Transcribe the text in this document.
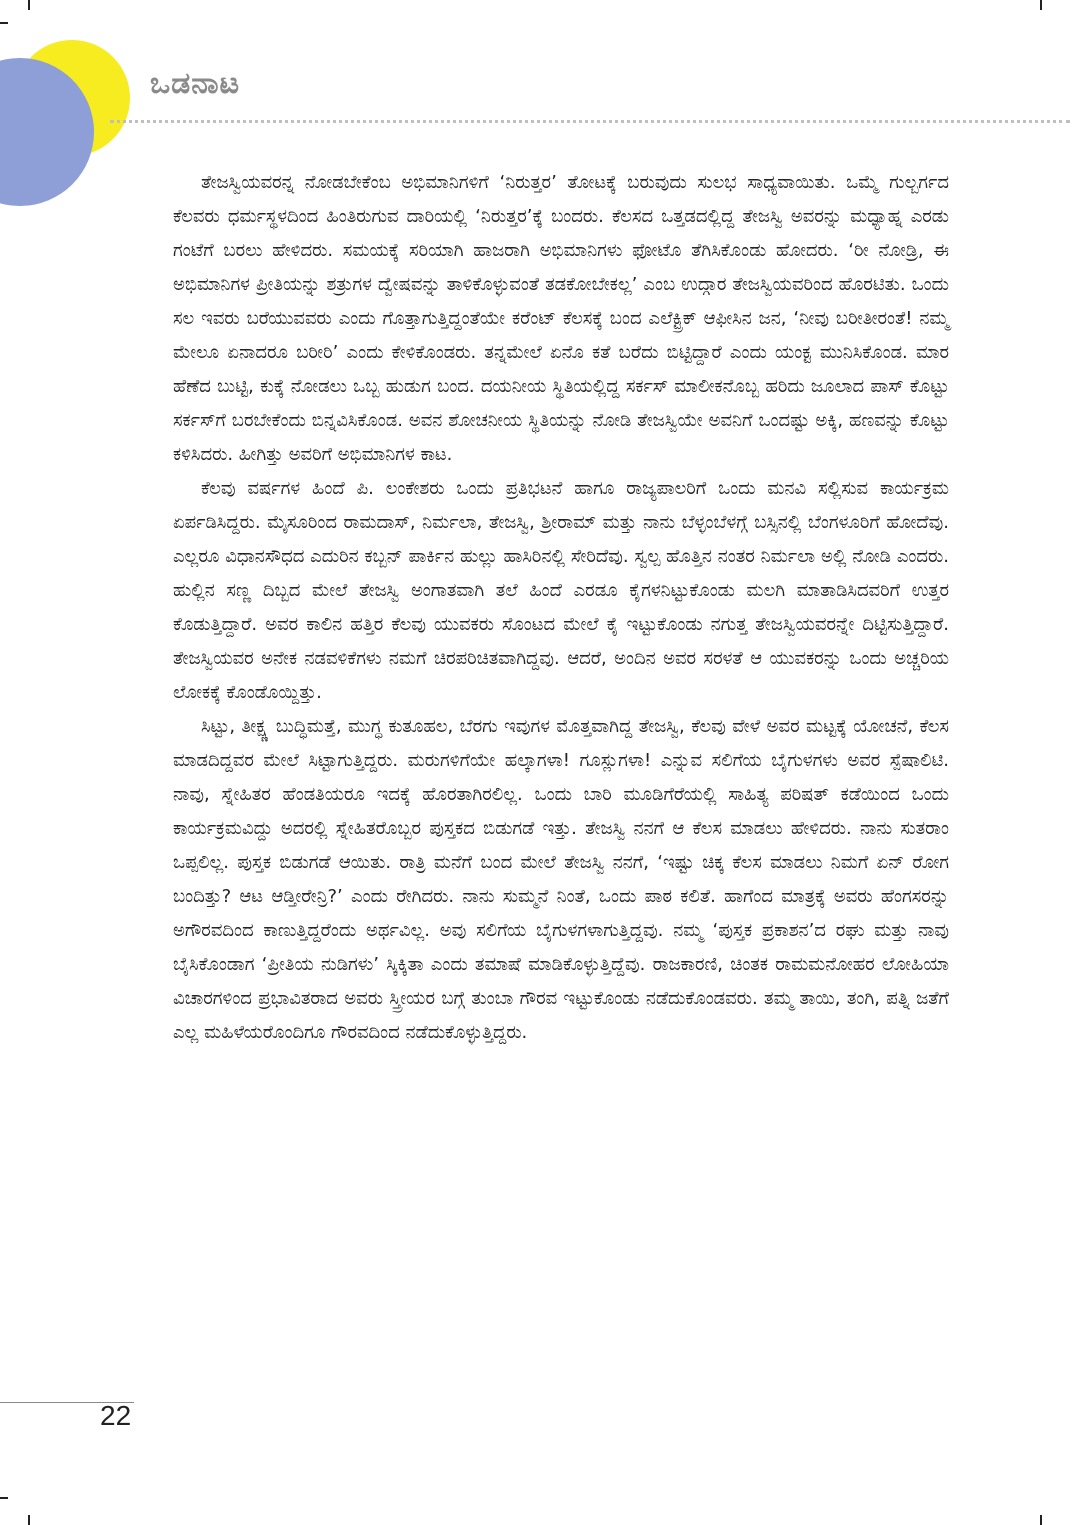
ಒಡನಾಟ

ತೇಜಸ್ವಿಯವರನ್ನ ನೋಡಬೇಕೆಂಬ ಅಭಿಮಾನಿಗಳಿಗೆ ‘ನಿರುತ್ತರ’ ತೋಟಕ್ಕೆ ಬರುವುದು ಸುಲಭ ಸಾಧ್ಯವಾಯಿತು. ಒಮ್ಮೆ ಗುಲ್ಬರ್ಗದ ಕೆಲವರು ಧರ್ಮಸ್ಥಳದಿಂದ ಹಿಂತಿರುಗುವ ದಾರಿಯಲ್ಲಿ ‘ನಿರುತ್ತರ’ಕ್ಕೆ ಬಂದರು. ಕೆಲಸದ ಒತ್ತಡದಲ್ಲಿದ್ದ ತೇಜಸ್ವಿ ಅವರನ್ನು ಮಧ್ಯಾಹ್ನ ಎರಡು ಗಂಟೆಗೆ ಬರಲು ಹೇಳಿದರು. ಸಮಯಕ್ಕೆ ಸರಿಯಾಗಿ ಹಾಜರಾಗಿ ಅಭಿಮಾನಿಗಳು ಫೋಟೊ ತೆಗಿಸಿಕೊಂಡು ಹೋದರು. ‘ರೀ ನೋಡ್ರಿ, ಈ ಅಭಿಮಾನಿಗಳ ಪ್ರೀತಿಯನ್ನು ಶತ್ರುಗಳ ದ್ವೇಷವನ್ನು ತಾಳಿಕೊಳ್ಳುವಂತೆ ತಡಕೋಬೇಕಲ್ಲ’ ಎಂಬ ಉದ್ಗಾರ ತೇಜಸ್ವಿಯವರಿಂದ ಹೊರಟಿತು. ಒಂದು ಸಲ ಇವರು ಬರೆಯುವವರು ಎಂದು ಗೊತ್ತಾಗುತ್ತಿದ್ದಂತೆಯೇ ಕರೆಂಟ್ ಕೆಲಸಕ್ಕೆ ಬಂದ ಎಲೆಕ್ಟ್ರಿಕ್ ಆಫೀಸಿನ ಜನ, ‘ನೀವು ಬರೀತೀರಂತೆ! ನಮ್ಮ ಮೇಲೂ ಏನಾದರೂ ಬರೀರಿ’ ಎಂದು ಕೇಳಿಕೊಂಡರು. ತನ್ನಮೇಲೆ ಏನೊ ಕತೆ ಬರೆದು ಬಿಟ್ಟಿದ್ದಾರೆ ಎಂದು ಯಂಕ್ಟ ಮುನಿಸಿಕೊಂಡ. ಮಾರ ಹೆಣೆದ ಬುಟ್ಟಿ, ಕುಕ್ಕೆ ನೋಡಲು ಒಬ್ಬ ಹುಡುಗ ಬಂದ. ದಯನೀಯ ಸ್ಥಿತಿಯಲ್ಲಿದ್ದ ಸರ್ಕಸ್ ಮಾಲೀಕನೊಬ್ಬ ಹರಿದು ಜೂಲಾದ ಪಾಸ್ ಕೊಟ್ಟು ಸರ್ಕಸ್‌ಗೆ ಬರಬೇಕೆಂದು ಬಿನ್ನವಿಸಿಕೊಂಡ. ಅವನ ಶೋಚನೀಯ ಸ್ಥಿತಿಯನ್ನು ನೋಡಿ ತೇಜಸ್ವಿಯೇ ಅವನಿಗೆ ಒಂದಷ್ಟು ಅಕ್ಕಿ, ಹಣವನ್ನು ಕೊಟ್ಟು ಕಳಿಸಿದರು. ಹೀಗಿತ್ತು ಅವರಿಗೆ ಅಭಿಮಾನಿಗಳ ಕಾಟ.

ಕೆಲವು ವರ್ಷಗಳ ಹಿಂದೆ ಪಿ. ಲಂಕೇಶರು ಒಂದು ಪ್ರತಿಭಟನೆ ಹಾಗೂ ರಾಜ್ಯಪಾಲರಿಗೆ ಒಂದು ಮನವಿ ಸಲ್ಲಿಸುವ ಕಾರ್ಯಕ್ರಮ ಏರ್ಪಡಿಸಿದ್ದರು. ಮೈಸೂರಿಂದ ರಾಮದಾಸ್, ನಿರ್ಮಲಾ, ತೇಜಸ್ವಿ, ಶ್ರೀರಾಮ್ ಮತ್ತು ನಾನು ಬೆಳ್ಳಂಬೆಳಗ್ಗೆ ಬಸ್ಸಿನಲ್ಲಿ ಬೆಂಗಳೂರಿಗೆ ಹೋದೆವು. ಎಲ್ಲರೂ ವಿಧಾನಸೌಧದ ಎದುರಿನ ಕಬ್ಬನ್ ಪಾರ್ಕಿನ ಹುಲ್ಲು ಹಾಸಿರಿನಲ್ಲಿ ಸೇರಿದೆವು. ಸ್ವಲ್ಪ ಹೊತ್ತಿನ ನಂತರ ನಿರ್ಮಲಾ ಅಲ್ಲಿ ನೋಡಿ ಎಂದರು. ಹುಲ್ಲಿನ ಸಣ್ಣ ದಿಬ್ಬದ ಮೇಲೆ ತೇಜಸ್ವಿ ಅಂಗಾತವಾಗಿ ತಲೆ ಹಿಂದೆ ಎರಡೂ ಕೈಗಳನಿಟ್ಟುಕೊಂಡು ಮಲಗಿ ಮಾತಾಡಿಸಿದವರಿಗೆ ಉತ್ತರ ಕೊಡುತ್ತಿದ್ದಾರೆ. ಅವರ ಕಾಲಿನ ಹತ್ತಿರ ಕೆಲವು ಯುವಕರು ಸೊಂಟದ ಮೇಲೆ ಕೈ ಇಟ್ಟುಕೊಂಡು ನಗುತ್ತ ತೇಜಸ್ವಿಯವರನ್ನೇ ದಿಟ್ಟಿಸುತ್ತಿದ್ದಾರೆ. ತೇಜಸ್ವಿಯವರ ಅನೇಕ ನಡವಳಿಕೆಗಳು ನಮಗೆ ಚಿರಪರಿಚಿತವಾಗಿದ್ದವು. ಆದರೆ, ಅಂದಿನ ಅವರ ಸರಳತೆ ಆ ಯುವಕರನ್ನು ಒಂದು ಅಚ್ಚರಿಯ ಲೋಕಕ್ಕೆ ಕೊಂಡೊಯ್ದಿತ್ತು.

ಸಿಟ್ಟು, ತೀಕ್ಷ್ಣ ಬುದ್ಧಿಮತ್ತೆ, ಮುಗ್ಧ ಕುತೂಹಲ, ಬೆರಗು ಇವುಗಳ ಮೊತ್ತವಾಗಿದ್ದ ತೇಜಸ್ವಿ, ಕೆಲವು ವೇಳೆ ಅವರ ಮಟ್ಟಕ್ಕೆ ಯೋಚನೆ, ಕೆಲಸ ಮಾಡದಿದ್ದವರ ಮೇಲೆ ಸಿಟ್ಟಾಗುತ್ತಿದ್ದರು. ಮರುಗಳಿಗೆಯೇ ಹಲ್ಕಾಗಳಾ! ಗೂಸ್ಲುಗಳಾ! ಎನ್ನುವ ಸಲಿಗೆಯ ಬೈಗುಳಗಳು ಅವರ ಸ್ಪೆಷಾಲಿಟಿ. ನಾವು, ಸ್ನೇಹಿತರ ಹೆಂಡತಿಯರೂ ಇದಕ್ಕೆ ಹೊರತಾಗಿರಲಿಲ್ಲ. ಒಂದು ಬಾರಿ ಮೂಡಿಗೆರೆಯಲ್ಲಿ ಸಾಹಿತ್ಯ ಪರಿಷತ್ ಕಡೆಯಿಂದ ಒಂದು ಕಾರ್ಯಕ್ರಮವಿದ್ದು ಅದರಲ್ಲಿ ಸ್ನೇಹಿತರೊಬ್ಬರ ಪುಸ್ತಕದ ಬಿಡುಗಡೆ ಇತ್ತು. ತೇಜಸ್ವಿ ನನಗೆ ಆ ಕೆಲಸ ಮಾಡಲು ಹೇಳಿದರು. ನಾನು ಸುತರಾಂ ಒಪ್ಪಲಿಲ್ಲ. ಪುಸ್ತಕ ಬಿಡುಗಡೆ ಆಯಿತು. ರಾತ್ರಿ ಮನೆಗೆ ಬಂದ ಮೇಲೆ ತೇಜಸ್ವಿ ನನಗೆ, ‘ಇಷ್ಟು ಚಿಕ್ಕ ಕೆಲಸ ಮಾಡಲು ನಿಮಗೆ ಏನ್ ರೋಗ ಬಂದಿತ್ತು? ಆಟ ಆಡ್ತೀರೇನ್ರಿ?’ ಎಂದು ರೇಗಿದರು. ನಾನು ಸುಮ್ಮನೆ ನಿಂತೆ, ಒಂದು ಪಾಠ ಕಲಿತೆ. ಹಾಗೆಂದ ಮಾತ್ರಕ್ಕೆ ಅವರು ಹೆಂಗಸರನ್ನು ಅಗೌರವದಿಂದ ಕಾಣುತ್ತಿದ್ದರೆಂದು ಅರ್ಥವಿಲ್ಲ. ಅವು ಸಲಿಗೆಯ ಬೈಗುಳಗಳಾಗುತ್ತಿದ್ದವು. ನಮ್ಮ ‘ಪುಸ್ತಕ ಪ್ರಕಾಶನ’ದ ರಘು ಮತ್ತು ನಾವು ಬೈಸಿಕೊಂಡಾಗ ‘ಪ್ರೀತಿಯ ನುಡಿಗಳು’ ಸ್ಕಿಕ್ಕಿತಾ ಎಂದು ತಮಾಷೆ ಮಾಡಿಕೊಳ್ಳುತ್ತಿದ್ದೆವು. ರಾಜಕಾರಣಿ, ಚಿಂತಕ ರಾಮಮನೋಹರ ಲೋಹಿಯಾ ವಿಚಾರಗಳಿಂದ ಪ್ರಭಾವಿತರಾದ ಅವರು ಸ್ತ್ರೀಯರ ಬಗ್ಗೆ ತುಂಬಾ ಗೌರವ ಇಟ್ಟುಕೊಂಡು ನಡೆದುಕೊಂಡವರು. ತಮ್ಮ ತಾಯಿ, ತಂಗಿ, ಪತ್ನಿ ಜತೆಗೆ ಎಲ್ಲ ಮಹಿಳೆಯರೊಂದಿಗೂ ಗೌರವದಿಂದ ನಡೆದುಕೊಳ್ಳುತ್ತಿದ್ದರು.

22
